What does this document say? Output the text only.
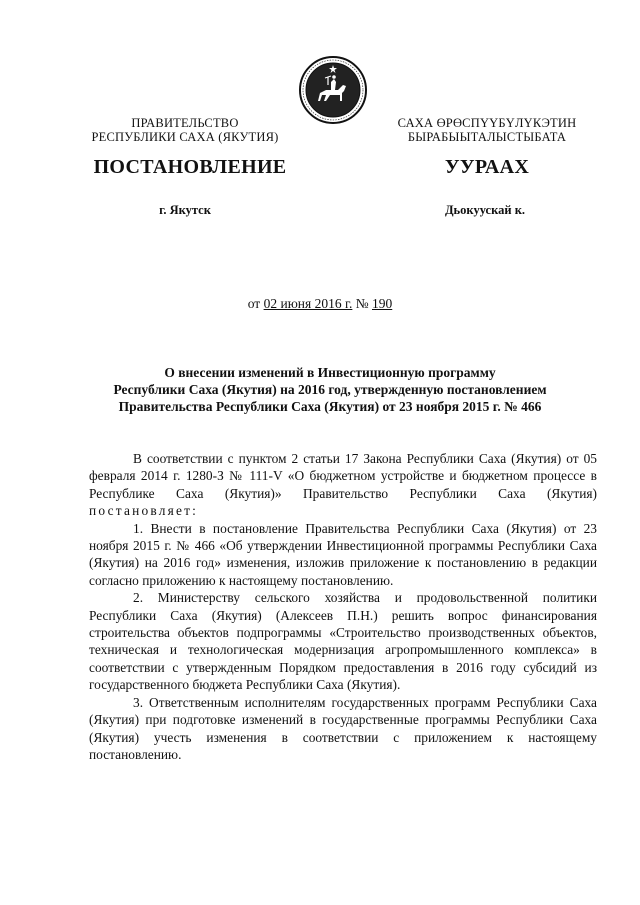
ПРАВИТЕЛЬСТВО
РЕСПУБЛИКИ САХА (ЯКУТИЯ)
САХА ӨРӨСПҮҮБҮЛҮКЭТИН
БЫРАБЫЫТАЛЫСТЫБАТА
ПОСТАНОВЛЕНИЕ	УУРААХ
г. Якутск	Дьокуускай к.
от 02 июня 2016 г. № 190
О внесении изменений в Инвестиционную программу
Республики Саха (Якутия) на 2016 год, утвержденную постановлением
Правительства Республики Саха (Якутия) от 23 ноября 2015 г. № 466

В соответствии с пунктом 2 статьи 17 Закона Республики Саха (Якутия) от 05 февраля 2014 г. 1280-З № 111-V «О бюджетном устройстве и бюджетном процессе в Республике Саха (Якутия)» Правительство Республики Саха (Якутия) постановляет:

1. Внести в постановление Правительства Республики Саха (Якутия) от 23 ноября 2015 г. № 466 «Об утверждении Инвестиционной программы Республики Саха (Якутия) на 2016 год» изменения, изложив приложение к постановлению в редакции согласно приложению к настоящему постановлению.

2. Министерству сельского хозяйства и продовольственной политики Республики Саха (Якутия) (Алексеев П.Н.) решить вопрос финансирования строительства объектов подпрограммы «Строительство производственных объектов, техническая и технологическая модернизация агропромышленного комплекса» в соответствии с утвержденным Порядком предоставления в 2016 году субсидий из государственного бюджета Республики Саха (Якутия).

3. Ответственным исполнителям государственных программ Республики Саха (Якутия) при подготовке изменений в государственные программы Республики Саха (Якутия) учесть изменения в соответствии с приложением к настоящему постановлению.
